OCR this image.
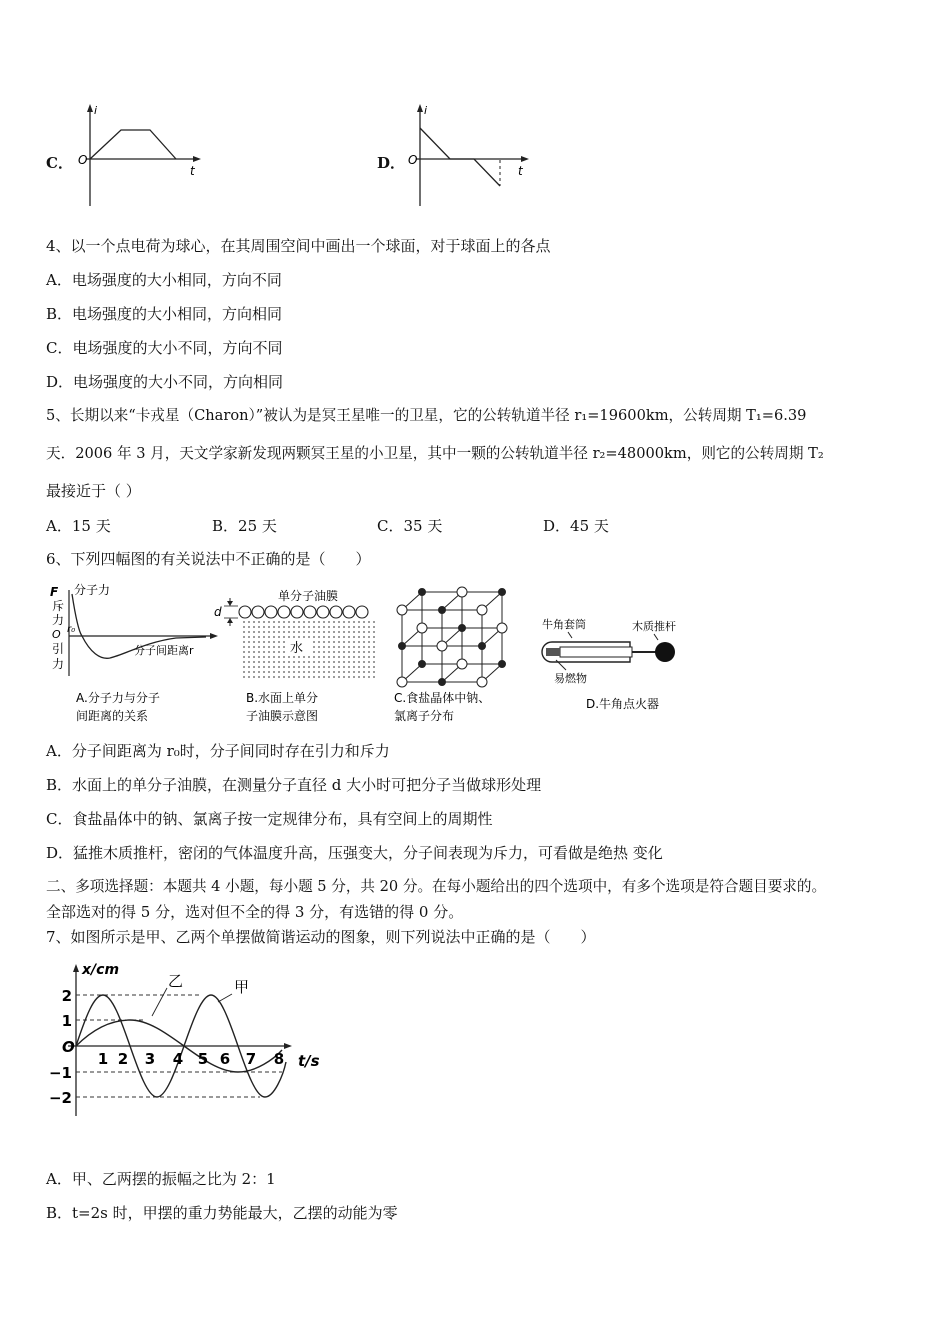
C．
i
O
t	D．
i
O
t
4、以一个点电荷为球心，在其周围空间中画出一个球面，对于球面上的各点
A．电场强度的大小相同，方向不同
B．电场强度的大小相同，方向相同
C．电场强度的大小不同，方向不同
D．电场强度的大小不同，方向相同
5、长期以来“卡戎星（Charon）”被认为是冥王星唯一的卫星，它的公转轨道半径 r₁=19600km，公转周期 T₁=6.39
天．2006 年 3 月，天文学家新发现两颗冥王星的小卫星，其中一颗的公转轨道半径 r₂=48000km，则它的公转周期 T₂
最接近于（ ）
A．15 天	B．25 天	C．35 天	D．45 天
6、下列四幅图的有关说法中不正确的是（　　）
F
斥
力
O
引
力
分子力
r₀
分子间距离r
A.分子力与分子
间距离的关系
d
单分子油膜
水
B.水面上单分
子油膜示意图
C.食盐晶体中钠、
氯离子分布
牛角套筒	木质推杆
易燃物
D.牛角点火器
A．分子间距离为 r₀时，分子间同时存在引力和斥力
B．水面上的单分子油膜，在测量分子直径 d 大小时可把分子当做球形处理
C．食盐晶体中的钠、氯离子按一定规律分布，具有空间上的周期性
D．猛推木质推杆，密闭的气体温度升高，压强变大，分子间表现为斥力，可看做是绝热 变化
二、多项选择题：本题共 4 小题，每小题 5 分，共 20 分。在每小题给出的四个选项中，有多个选项是符合题目要求的。
全部选对的得 5 分，选对但不全的得 3 分，有选错的得 0 分。
7、如图所示是甲、乙两个单摆做简谐运动的图象，则下列说法中正确的是（　　）
x/cm
O
t/s
乙	甲
2
1
−1
−2
1 2 3 4 5 6 7 8
A．甲、乙两摆的振幅之比为 2：1
B．t=2s 时，甲摆的重力势能最大，乙摆的动能为零
